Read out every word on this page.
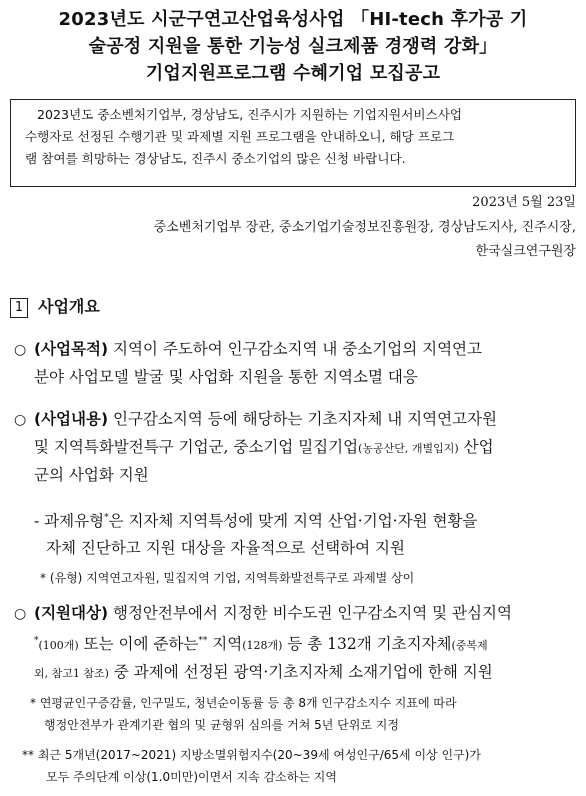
2023년도 시군구연고산업육성사업 「HI-tech 후가공 기
술공정 지원을 통한 기능성 실크제품 경쟁력 강화」
기업지원프로그램 수혜기업 모집공고
2023년도 중소벤처기업부, 경상남도, 진주시가 지원하는 기업지원서비스사업
수행자로 선정된 수행기관 및 과제별 지원 프로그램을 안내하오니, 해당 프로그
램 참여를 희망하는 경상남도, 진주시 중소기업의 많은 신청 바랍니다.
2023년 5월 23일
중소벤처기업부 장관, 중소기업기술정보진흥원장, 경상남도지사, 진주시장,
한국실크연구원장
1 사업개요
○ (사업목적) 지역이 주도하여 인구감소지역 내 중소기업의 지역연고
분야 사업모델 발굴 및 사업화 지원을 통한 지역소멸 대응
○ (사업내용) 인구감소지역 등에 해당하는 기초지자체 내 지역연고자원
및 지역특화발전특구 기업군, 중소기업 밀집기업(농공산단, 개별입지) 산업
군의 사업화 지원
- 과제유형*은 지자체 지역특성에 맞게 지역 산업·기업·자원 현황을
자체 진단하고 지원 대상을 자율적으로 선택하여 지원
* (유형) 지역연고자원, 밀집지역 기업, 지역특화발전특구로 과제별 상이
○ (지원대상) 행정안전부에서 지정한 비수도권 인구감소지역 및 관심지역
*(100개) 또는 이에 준하는** 지역(128개) 등 총 132개 기초지자체(중복제
외, 참고1 참조) 중 과제에 선정된 광역·기초지자체 소재기업에 한해 지원
* 연평균인구증감률, 인구밀도, 청년순이동률 등 총 8개 인구감소지수 지표에 따라
행정안전부가 관계기관 협의 및 균형위 심의를 거쳐 5년 단위로 지정
** 최근 5개년(2017~2021) 지방소멸위험지수(20~39세 여성인구/65세 이상 인구)가
모두 주의단계 이상(1.0미만)이면서 지속 감소하는 지역
